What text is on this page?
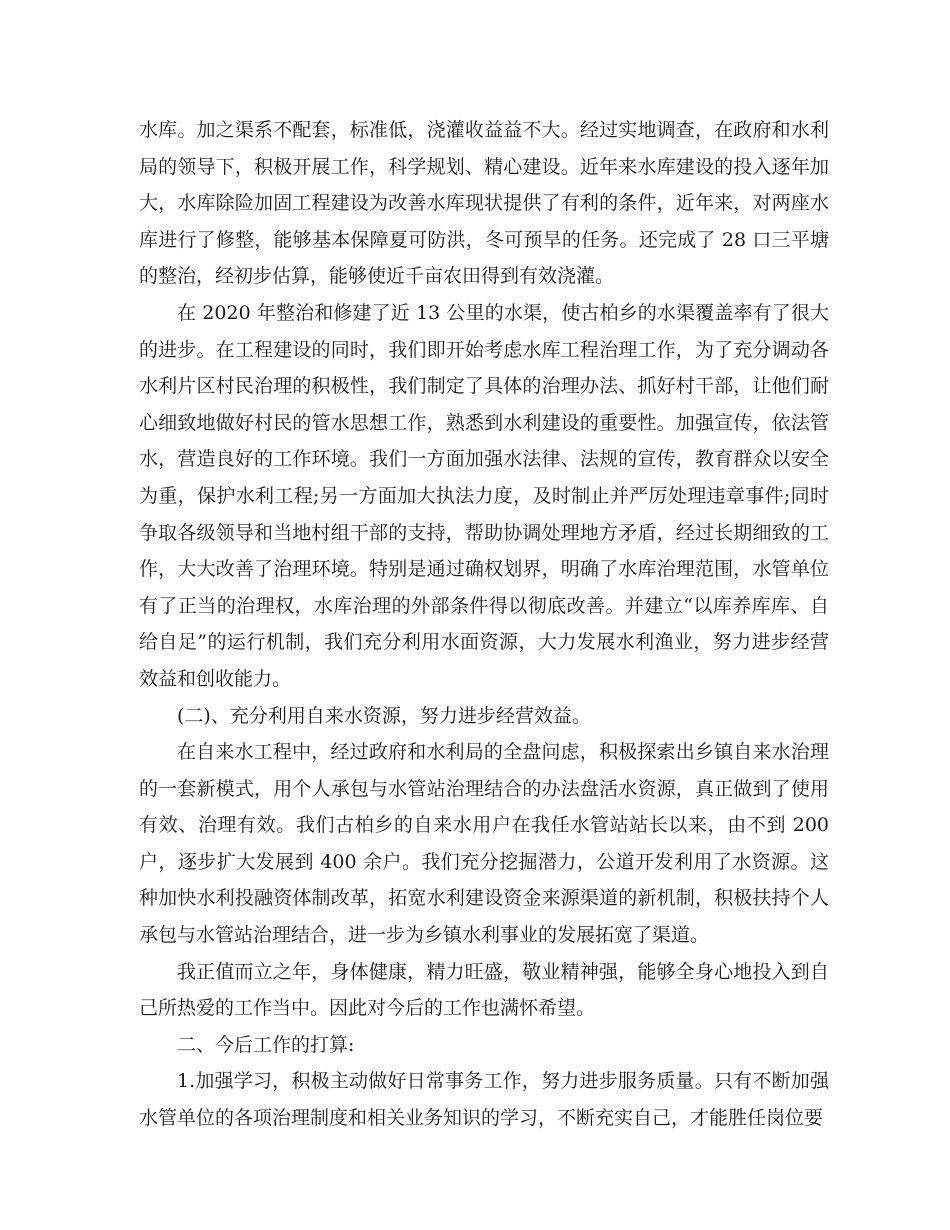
水库。加之渠系不配套，标准低，浇灌收益益不大。经过实地调查，在政府和水利局的领导下，积极开展工作，科学规划、精心建设。近年来水库建设的投入逐年加大，水库除险加固工程建设为改善水库现状提供了有利的条件，近年来，对两座水库进行了修整，能够基本保障夏可防洪，冬可预旱的任务。还完成了 28 口三平塘的整治，经初步估算，能够使近千亩农田得到有效浇灌。

在 2020 年整治和修建了近 13 公里的水渠，使古柏乡的水渠覆盖率有了很大的进步。在工程建设的同时，我们即开始考虑水库工程治理工作，为了充分调动各水利片区村民治理的积极性，我们制定了具体的治理办法、抓好村干部，让他们耐心细致地做好村民的管水思想工作，熟悉到水利建设的重要性。加强宣传，依法管水，营造良好的工作环境。我们一方面加强水法律、法规的宣传，教育群众以安全为重，保护水利工程;另一方面加大执法力度，及时制止并严厉处理违章事件;同时争取各级领导和当地村组干部的支持，帮助协调处理地方矛盾，经过长期细致的工作，大大改善了治理环境。特别是通过确权划界，明确了水库治理范围，水管单位有了正当的治理权，水库治理的外部条件得以彻底改善。并建立“以库养库库、自给自足”的运行机制，我们充分利用水面资源，大力发展水利渔业，努力进步经营效益和创收能力。

(二)、充分利用自来水资源，努力进步经营效益。

在自来水工程中，经过政府和水利局的全盘问虑，积极探索出乡镇自来水治理的一套新模式，用个人承包与水管站治理结合的办法盘活水资源，真正做到了使用有效、治理有效。我们古柏乡的自来水用户在我任水管站站长以来，由不到 200 户，逐步扩大发展到 400 余户。我们充分挖掘潜力，公道开发利用了水资源。这种加快水利投融资体制改革，拓宽水利建设资金来源渠道的新机制，积极扶持个人承包与水管站治理结合，进一步为乡镇水利事业的发展拓宽了渠道。

我正值而立之年，身体健康，精力旺盛，敬业精神强，能够全身心地投入到自己所热爱的工作当中。因此对今后的工作也满怀希望。

二、今后工作的打算:

1.加强学习，积极主动做好日常事务工作，努力进步服务质量。只有不断加强水管单位的各项治理制度和相关业务知识的学习，不断充实自己，才能胜任岗位要
